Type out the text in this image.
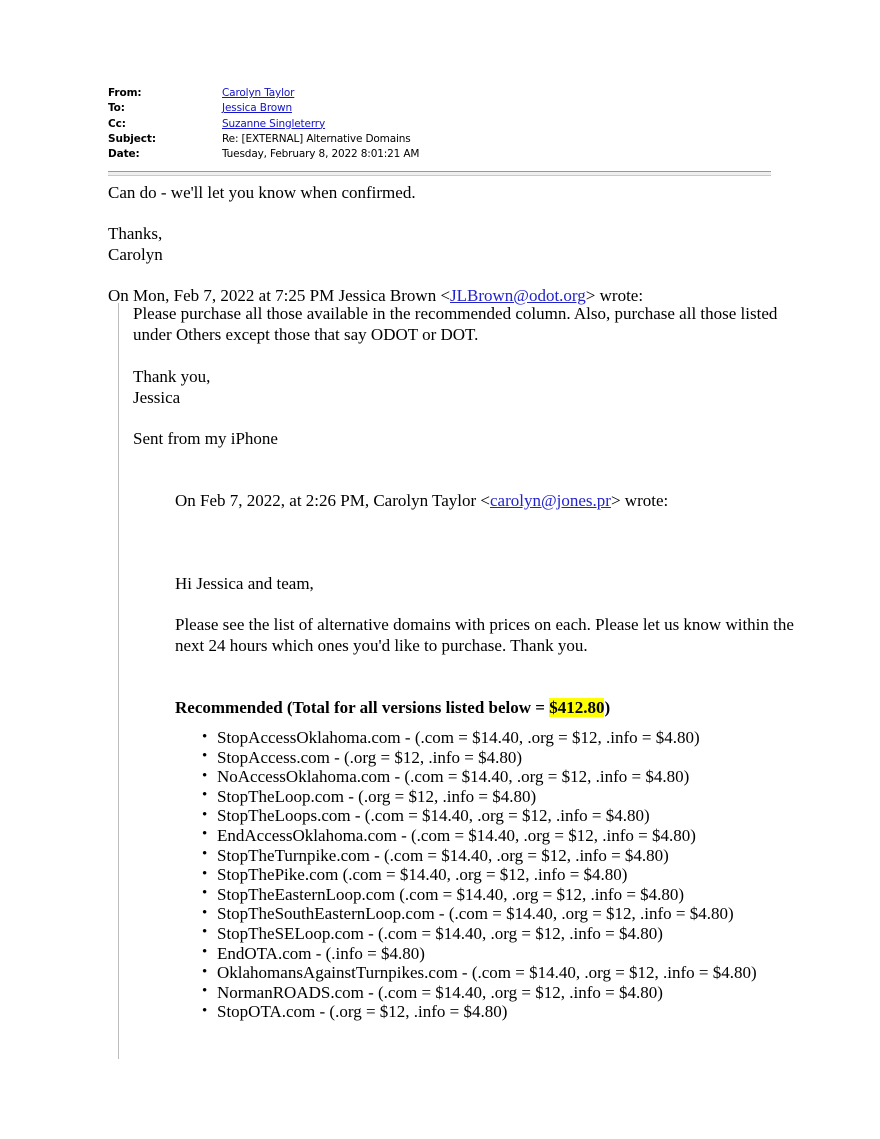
From:	Carolyn Taylor
To:	Jessica Brown
Cc:	Suzanne Singleterry
Subject:	Re: [EXTERNAL] Alternative Domains
Date:	Tuesday, February 8, 2022 8:01:21 AM

Can do - we'll let you know when confirmed.

Thanks,

Carolyn

On Mon, Feb 7, 2022 at 7:25 PM Jessica Brown <JLBrown@odot.org> wrote:

Please purchase all those available in the recommended column. Also, purchase all those listed under Others except those that say ODOT or DOT.

Thank you,

Jessica

Sent from my iPhone

On Feb 7, 2022, at 2:26 PM, Carolyn Taylor <carolyn@jones.pr> wrote:

Hi Jessica and team,

Please see the list of alternative domains with prices on each. Please let us know within the next 24 hours which ones you'd like to purchase. Thank you.

Recommended (Total for all versions listed below = $412.80)

• StopAccessOklahoma.com - (.com = $14.40, .org = $12, .info = $4.80)
• StopAccess.com - (.org = $12, .info = $4.80)
• NoAccessOklahoma.com - (.com = $14.40, .org = $12, .info = $4.80)
• StopTheLoop.com - (.org = $12, .info = $4.80)
• StopTheLoops.com - (.com = $14.40, .org = $12, .info = $4.80)
• EndAccessOklahoma.com - (.com = $14.40, .org = $12, .info = $4.80)
• StopTheTurnpike.com - (.com = $14.40, .org = $12, .info = $4.80)
• StopThePike.com (.com = $14.40, .org = $12, .info = $4.80)
• StopTheEasternLoop.com (.com = $14.40, .org = $12, .info = $4.80)
• StopTheSouthEasternLoop.com - (.com = $14.40, .org = $12, .info = $4.80)
• StopTheSELoop.com - (.com = $14.40, .org = $12, .info = $4.80)
• EndOTA.com - (.info = $4.80)
• OklahomansAgainstTurnpikes.com - (.com = $14.40, .org = $12, .info = $4.80)
• NormanROADS.com - (.com = $14.40, .org = $12, .info = $4.80)
• StopOTA.com - (.org = $12, .info = $4.80)
